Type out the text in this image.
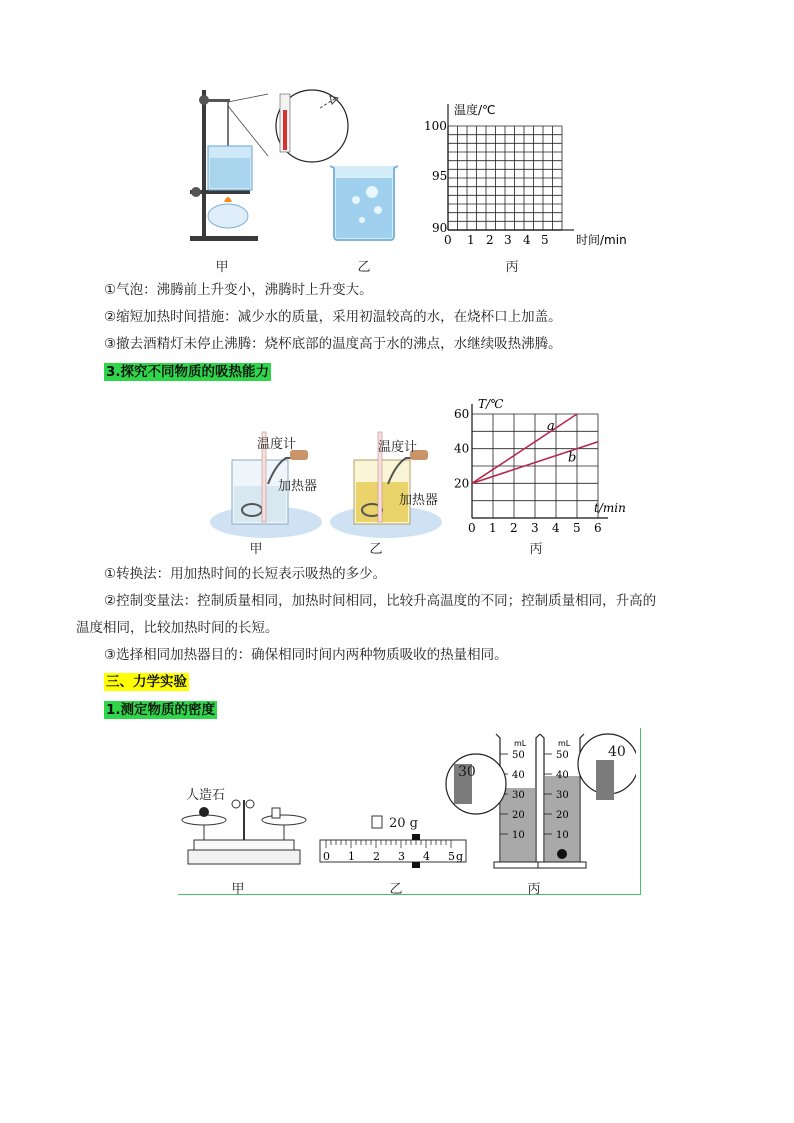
温度/℃
100
95
90
0 1 2 3 4 5 时间/min
甲	乙	丙
①气泡：沸腾前上升变小，沸腾时上升变大。
②缩短加热时间措施：减少水的质量，采用初温较高的水，在烧杯口上加盖。
③撤去酒精灯未停止沸腾：烧杯底部的温度高于水的沸点，水继续吸热沸腾。
3.探究不同物质的吸热能力
温度计
加热器
温度计
加热器
0 1 2 3 4 5 6
20
40
60
T/℃
t/min
a
b
甲	乙	丙
①转换法：用加热时间的长短表示吸热的多少。
②控制变量法：控制质量相同，加热时间相同，比较升高温度的不同；控制质量相同，升高的
温度相同，比较加热时间的长短。
③选择相同加热器目的：确保相同时间内两种物质吸收的热量相同。
三、力学实验
1.测定物质的密度
人造石
0 1 2 3 4 5 g
20 g
mL
50
40
30
20
10
mL
50
40
30
20
10
30
40
甲	乙	丙
